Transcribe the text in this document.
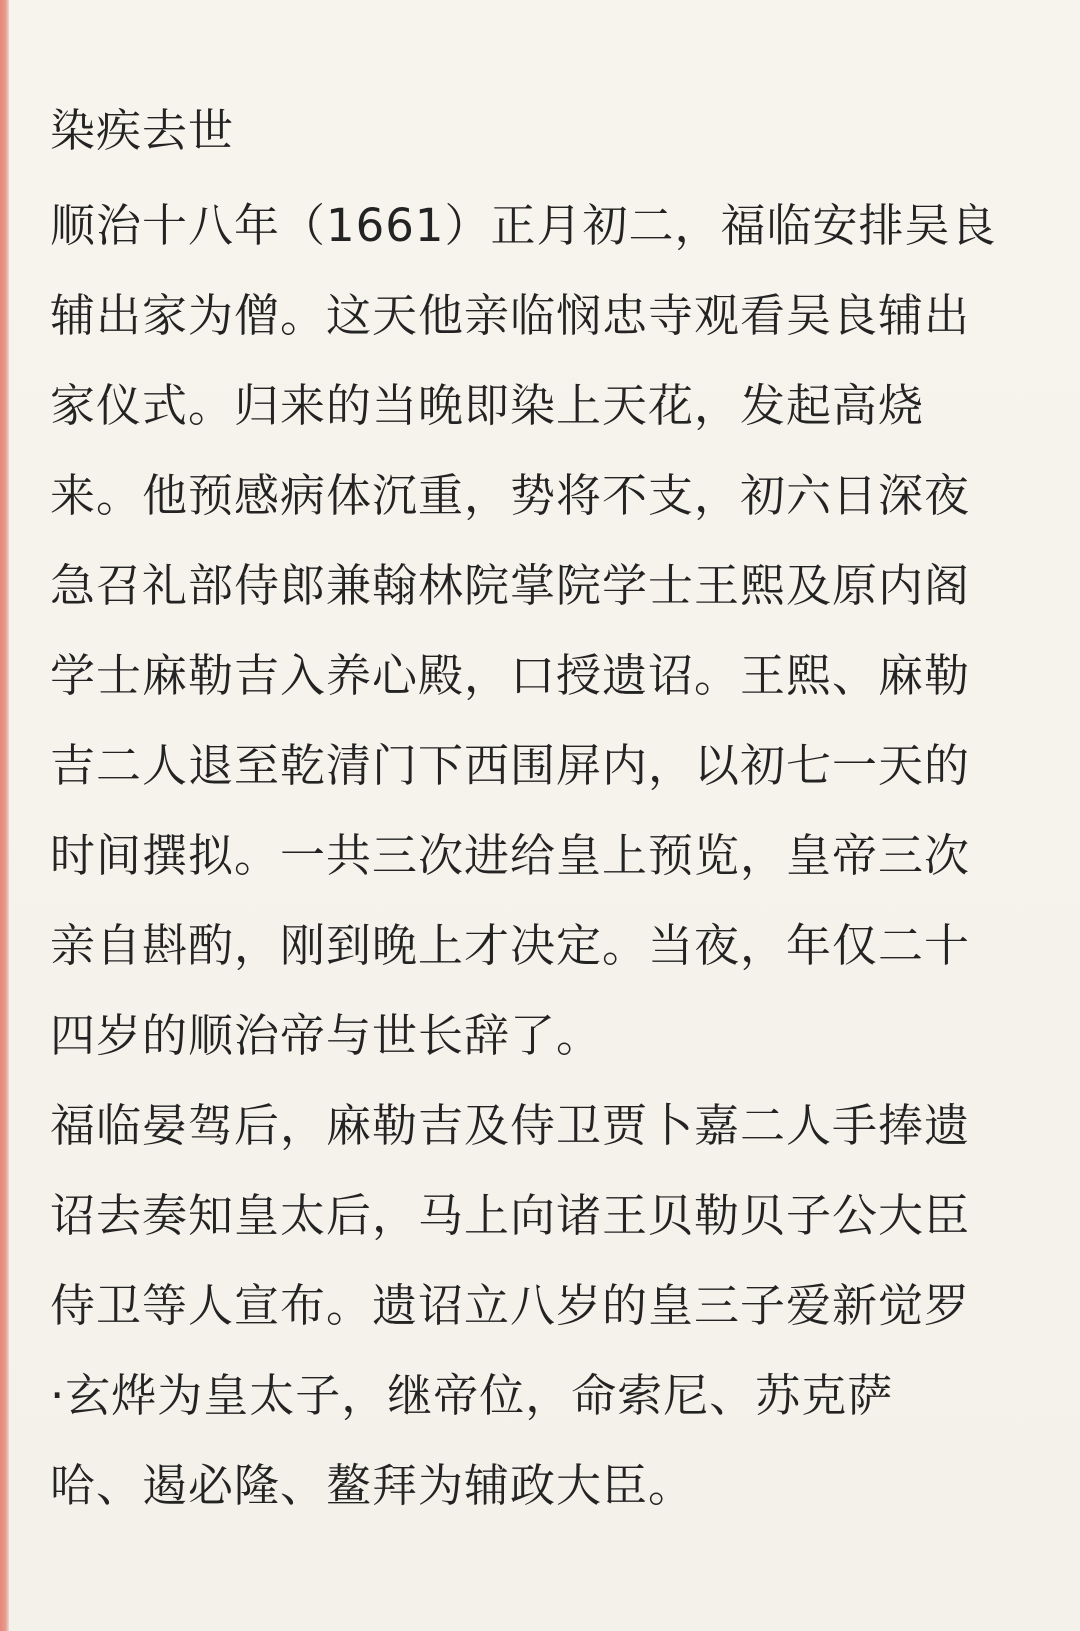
染疾去世
顺治十八年（1661）正月初二，福临安排吴良
辅出家为僧。这天他亲临悯忠寺观看吴良辅出
家仪式。归来的当晚即染上天花，发起高烧
来。他预感病体沉重，势将不支，初六日深夜
急召礼部侍郎兼翰林院掌院学士王熙及原内阁
学士麻勒吉入养心殿，口授遗诏。王熙、麻勒
吉二人退至乾清门下西围屏内，以初七一天的
时间撰拟。一共三次进给皇上预览，皇帝三次
亲自斟酌，刚到晚上才决定。当夜，年仅二十
四岁的顺治帝与世长辞了。
福临晏驾后，麻勒吉及侍卫贾卜嘉二人手捧遗
诏去奏知皇太后，马上向诸王贝勒贝子公大臣
侍卫等人宣布。遗诏立八岁的皇三子爱新觉罗
·玄烨为皇太子，继帝位，命索尼、苏克萨
哈、遏必隆、鳌拜为辅政大臣。
